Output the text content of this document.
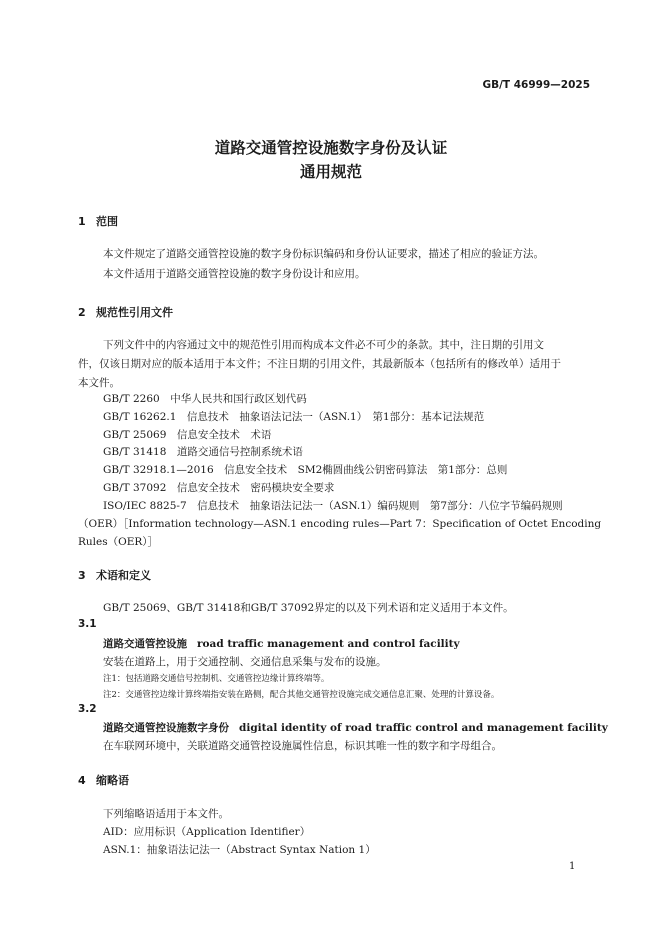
GB/T 46999—2025
道路交通管控设施数字身份及认证
通用规范
1 范围
本文件规定了道路交通管控设施的数字身份标识编码和身份认证要求，描述了相应的验证方法。
本文件适用于道路交通管控设施的数字身份设计和应用。
2 规范性引用文件
下列文件中的内容通过文中的规范性引用而构成本文件必不可少的条款。其中，注日期的引用文
件，仅该日期对应的版本适用于本文件；不注日期的引用文件，其最新版本（包括所有的修改单）适用于
本文件。
GB/T 2260　中华人民共和国行政区划代码
GB/T 16262.1　信息技术　抽象语法记法一（ASN.1）　第1部分：基本记法规范
GB/T 25069　信息安全技术　术语
GB/T 31418　道路交通信号控制系统术语
GB/T 32918.1—2016　信息安全技术　SM2椭圆曲线公钥密码算法　第1部分：总则
GB/T 37092　信息安全技术　密码模块安全要求
ISO/IEC 8825-7　信息技术　抽象语法记法一（ASN.1）编码规则　第7部分：八位字节编码规则
（OER）［Information technology—ASN.1 encoding rules—Part 7：Specification of Octet Encoding
Rules（OER）］
3 术语和定义
GB/T 25069、GB/T 31418和GB/T 37092界定的以及下列术语和定义适用于本文件。
3.1
道路交通管控设施 road traffic management and control facility
安装在道路上，用于交通控制、交通信息采集与发布的设施。
注1：包括道路交通信号控制机、交通管控边缘计算终端等。
注2：交通管控边缘计算终端指安装在路侧，配合其他交通管控设施完成交通信息汇聚、处理的计算设备。
3.2
道路交通管控设施数字身份 digital identity of road traffic control and management facility
在车联网环境中，关联道路交通管控设施属性信息，标识其唯一性的数字和字母组合。
4 缩略语
下列缩略语适用于本文件。
AID：应用标识（Application Identifier）
ASN.1：抽象语法记法一（Abstract Syntax Nation 1）
1
